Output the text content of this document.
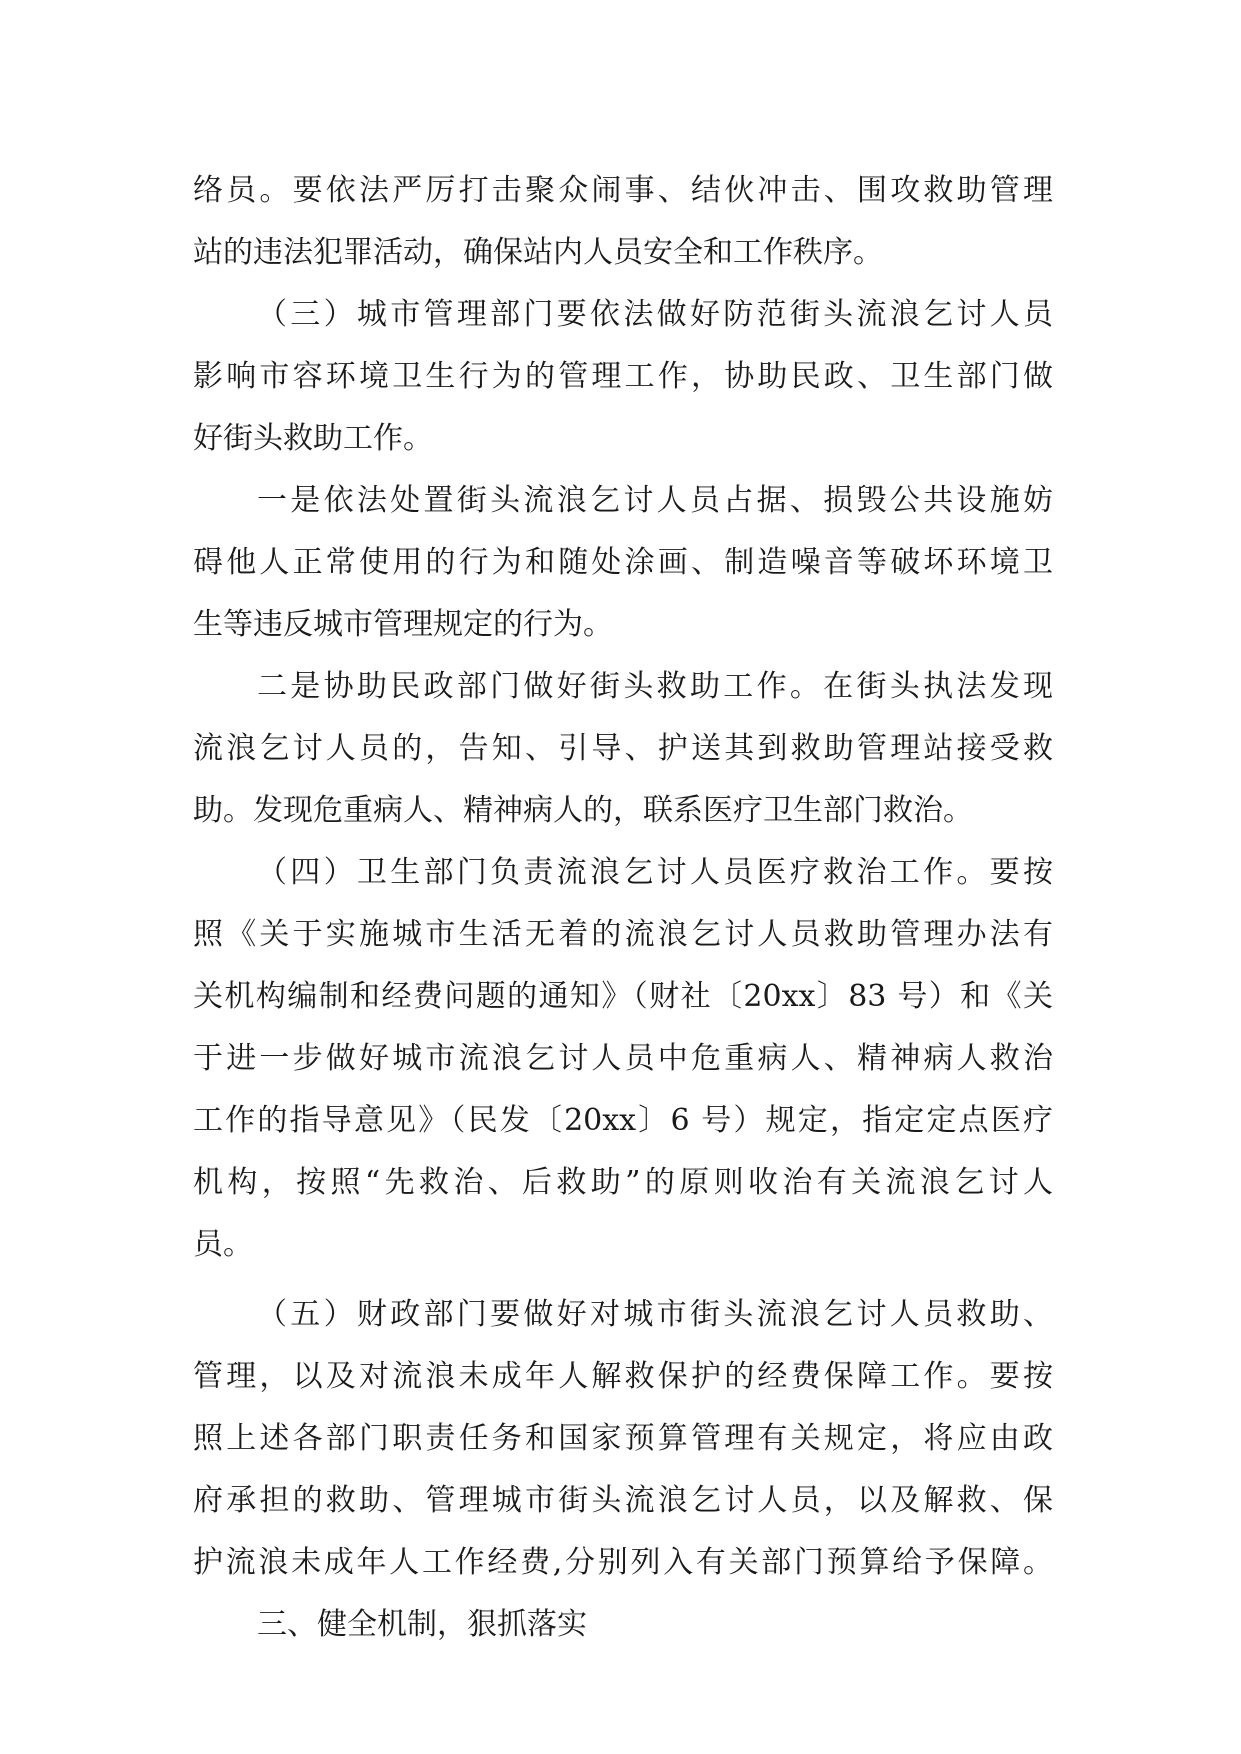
络员。要依法严厉打击聚众闹事、结伙冲击、围攻救助管理
站的违法犯罪活动，确保站内人员安全和工作秩序。
（三）城市管理部门要依法做好防范街头流浪乞讨人员
影响市容环境卫生行为的管理工作，协助民政、卫生部门做
好街头救助工作。
一是依法处置街头流浪乞讨人员占据、损毁公共设施妨
碍他人正常使用的行为和随处涂画、制造噪音等破坏环境卫
生等违反城市管理规定的行为。
二是协助民政部门做好街头救助工作。在街头执法发现
流浪乞讨人员的，告知、引导、护送其到救助管理站接受救
助。发现危重病人、精神病人的，联系医疗卫生部门救治。
（四）卫生部门负责流浪乞讨人员医疗救治工作。要按
照《关于实施城市生活无着的流浪乞讨人员救助管理办法有
关机构编制和经费问题的通知》（财社〔20xx〕83 号）和《关
于进一步做好城市流浪乞讨人员中危重病人、精神病人救治
工作的指导意见》（民发〔20xx〕6 号）规定，指定定点医疗
机构，按照“先救治、后救助”的原则收治有关流浪乞讨人
员。
（五）财政部门要做好对城市街头流浪乞讨人员救助、
管理，以及对流浪未成年人解救保护的经费保障工作。要按
照上述各部门职责任务和国家预算管理有关规定，将应由政
府承担的救助、管理城市街头流浪乞讨人员，以及解救、保
护流浪未成年人工作经费,分别列入有关部门预算给予保障。
三、健全机制，狠抓落实
